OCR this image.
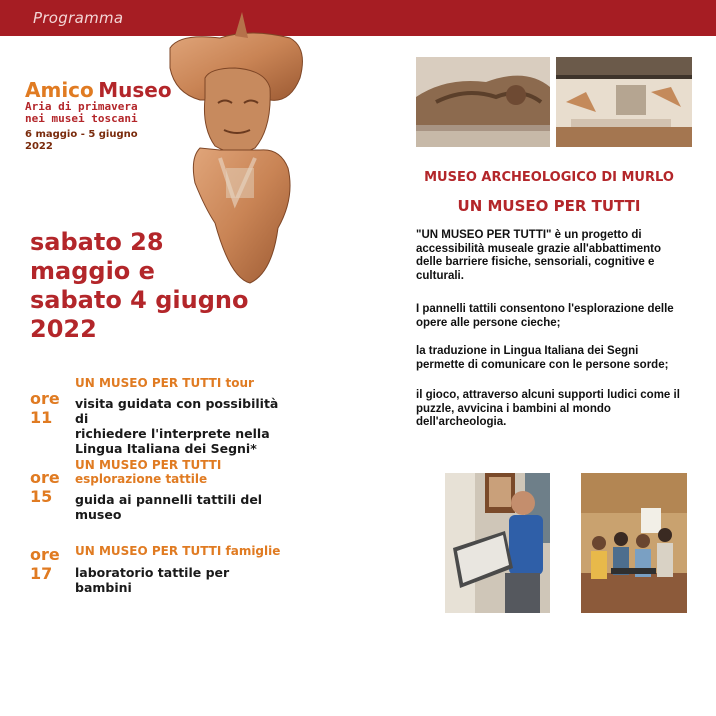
Programma
Amico Museo
Aria di primavera
nei musei toscani
6 maggio - 5 giugno
2022
sabato 28
maggio e
sabato 4 giugno
2022
ore
11
UN MUSEO PER TUTTI tour
visita guidata con possibilità di
richiedere l'interprete nella
Lingua Italiana dei Segni*
ore
15
UN MUSEO PER TUTTI
esplorazione tattile
guida ai pannelli tattili del
museo
ore
17
UN MUSEO PER TUTTI famiglie
laboratorio tattile per bambini
MUSEO ARCHEOLOGICO DI MURLO
UN MUSEO PER TUTTI
"UN MUSEO PER TUTTI" è un progetto di
accessibilità museale grazie all'abbattimento
delle barriere fisiche, sensoriali, cognitive e
culturali.
I pannelli tattili consentono l'esplorazione delle
opere alle persone cieche;
la traduzione in Lingua Italiana dei Segni
permette di comunicare con le persone sorde;
il gioco, attraverso alcuni supporti ludici come il
puzzle, avvicina i bambini al mondo
dell'archeologia.
